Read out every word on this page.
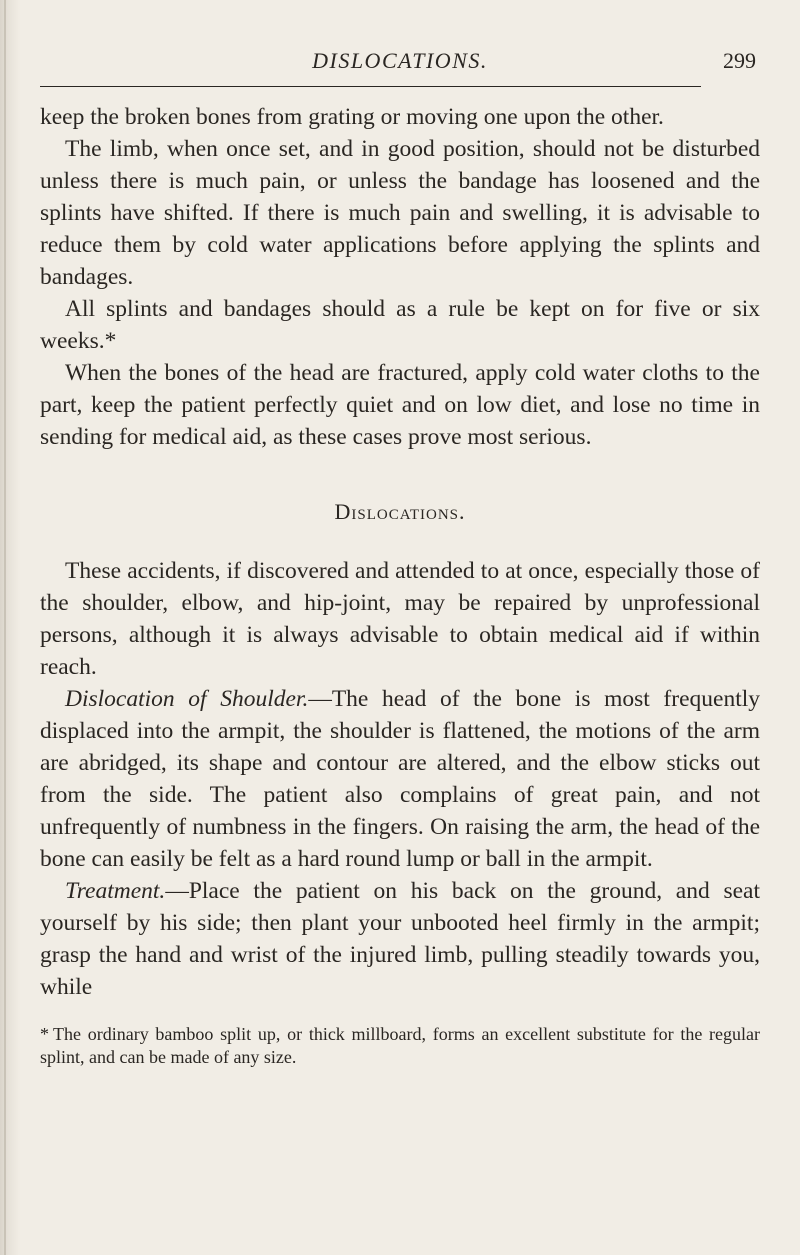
DISLOCATIONS.	299

keep the broken bones from grating or moving one upon the other.

The limb, when once set, and in good position, should not be disturbed unless there is much pain, or unless the bandage has loosened and the splints have shifted. If there is much pain and swelling, it is advisable to reduce them by cold water applications before applying the splints and bandages.

All splints and bandages should as a rule be kept on for five or six weeks.*

When the bones of the head are fractured, apply cold water cloths to the part, keep the patient perfectly quiet and on low diet, and lose no time in sending for medical aid, as these cases prove most serious.

Dislocations.

These accidents, if discovered and attended to at once, especially those of the shoulder, elbow, and hip-joint, may be repaired by unprofessional persons, although it is always advisable to obtain medical aid if within reach.

Dislocation of Shoulder.—The head of the bone is most frequently displaced into the armpit, the shoulder is flattened, the motions of the arm are abridged, its shape and contour are altered, and the elbow sticks out from the side. The patient also complains of great pain, and not unfrequently of numbness in the fingers. On raising the arm, the head of the bone can easily be felt as a hard round lump or ball in the armpit.

Treatment.—Place the patient on his back on the ground, and seat yourself by his side; then plant your unbooted heel firmly in the armpit; grasp the hand and wrist of the injured limb, pulling steadily towards you, while

* The ordinary bamboo split up, or thick millboard, forms an excellent substitute for the regular splint, and can be made of any size.
